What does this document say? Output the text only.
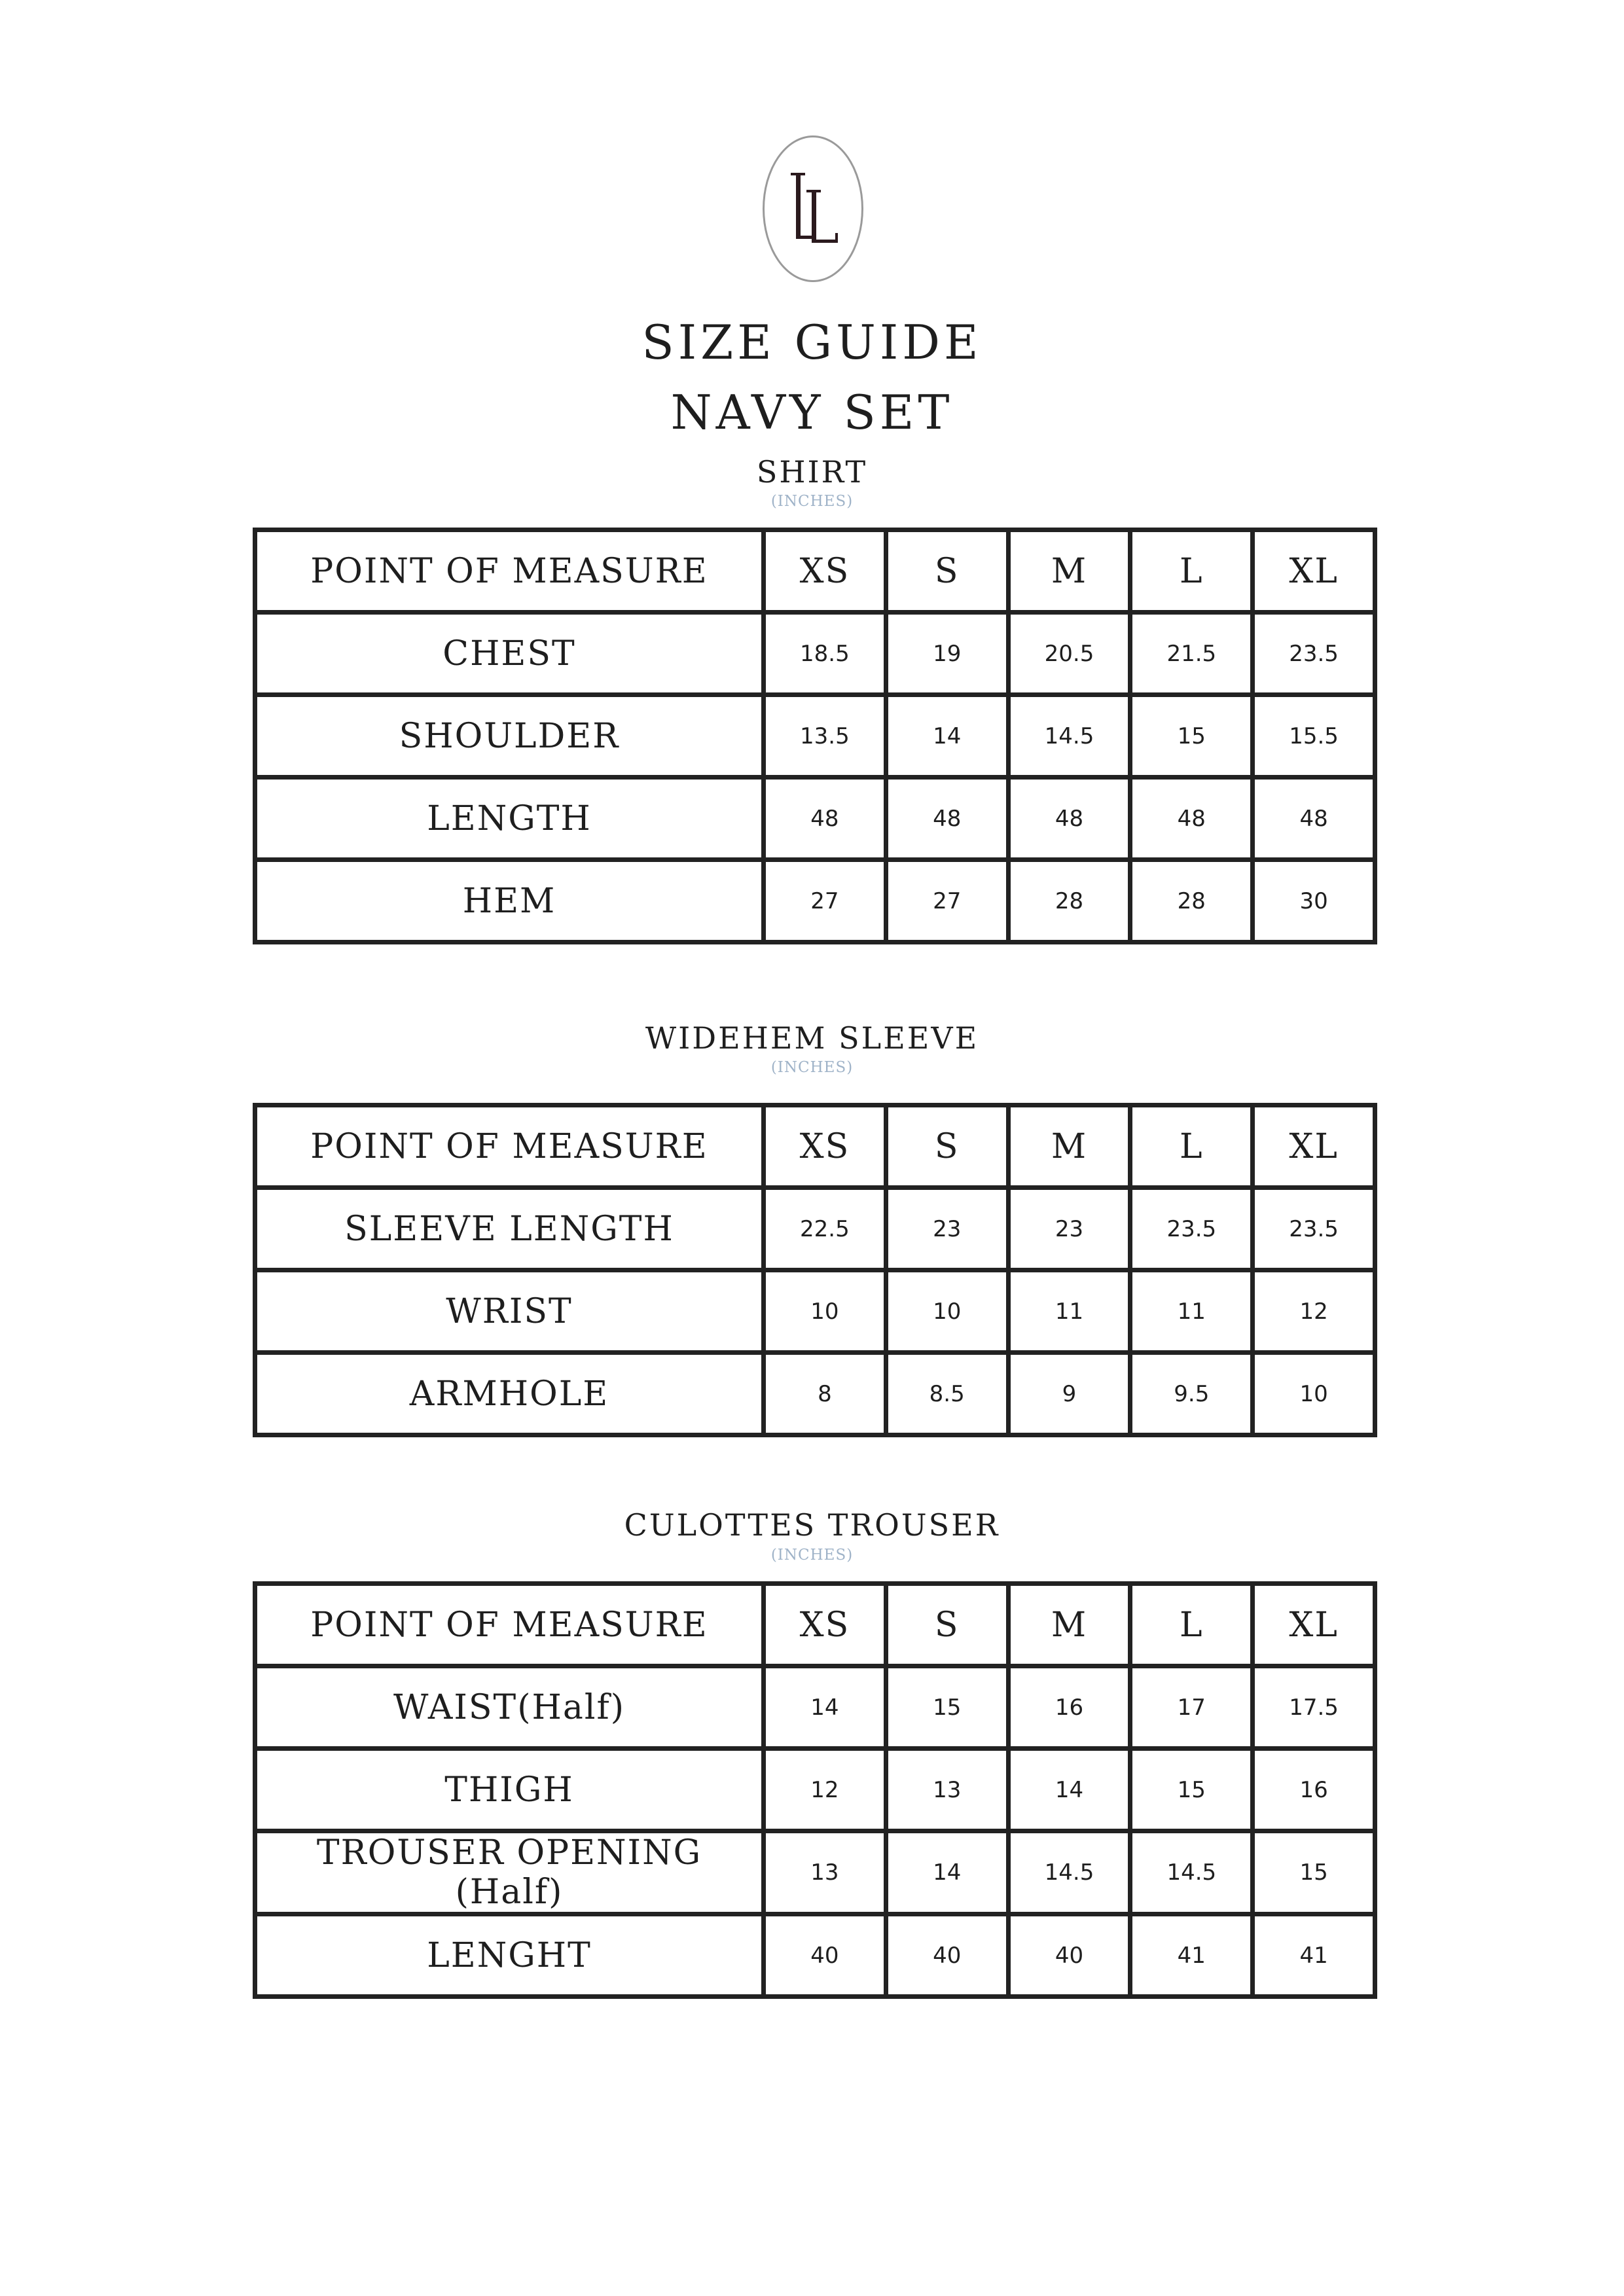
SIZE GUIDE
NAVY SET
SHIRT
(INCHES)
POINT OF MEASURE	XS	S	M	L	XL
CHEST	18.5	19	20.5	21.5	23.5
SHOULDER	13.5	14	14.5	15	15.5
LENGTH	48	48	48	48	48
HEM	27	27	28	28	30
WIDEHEM SLEEVE
(INCHES)
POINT OF MEASURE	XS	S	M	L	XL
SLEEVE LENGTH	22.5	23	23	23.5	23.5
WRIST	10	10	11	11	12
ARMHOLE	8	8.5	9	9.5	10
CULOTTES TROUSER
(INCHES)
POINT OF MEASURE	XS	S	M	L	XL
WAIST(Half)	14	15	16	17	17.5
THIGH	12	13	14	15	16
TROUSER OPENING (Half)	13	14	14.5	14.5	15
LENGHT	40	40	40	41	41
